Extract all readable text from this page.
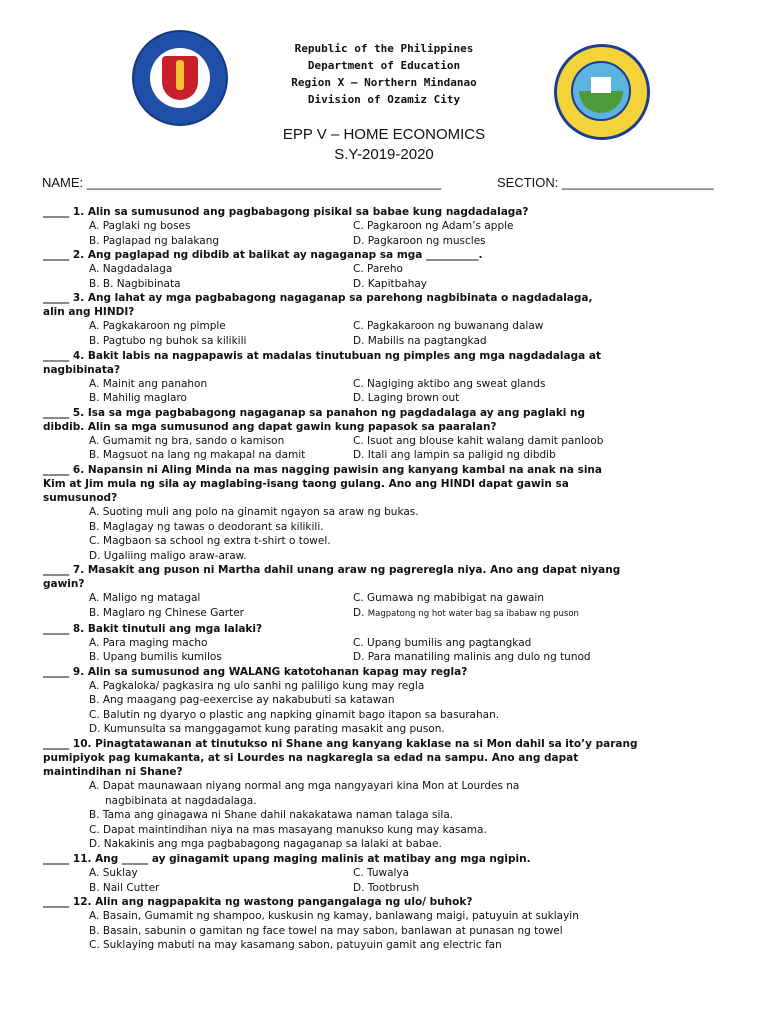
Republic of the Philippines
Department of Education
Region X – Northern Mindanao
Division of Ozamiz City
EPP V – HOME ECONOMICS
S.Y-2019-2020
NAME: _________________________________________________	SECTION: _____________________
_____ 1. Alin sa sumusunod ang pagbabagong pisikal sa babae kung nagdadalaga?
A. Paglaki ng boses	C. Pagkaroon ng Adam’s apple
B. Paglapad ng balakang	D. Pagkaroon ng muscles
_____ 2. Ang paglapad ng dibdib at balikat ay nagaganap sa mga __________.
A. Nagdadalaga	C. Pareho
B. B. Nagbibinata	D. Kapitbahay
_____ 3. Ang lahat ay mga pagbabagong nagaganap sa parehong nagbibinata o nagdadalaga,
alin ang HINDI?
A. Pagkakaroon ng pimple	C. Pagkakaroon ng buwanang dalaw
B. Pagtubo ng buhok sa kilikili	D. Mabilis na pagtangkad
_____ 4. Bakit labis na nagpapawis at madalas tinutubuan ng pimples ang mga nagdadalaga at
nagbibinata?
A. Mainit ang panahon	C. Nagiging aktibo ang sweat glands
B. Mahilig maglaro	D. Laging brown out
_____ 5. Isa sa mga pagbabagong nagaganap sa panahon ng pagdadalaga ay ang paglaki ng
dibdib. Alin sa mga sumusunod ang dapat gawin kung papasok sa paaralan?
A. Gumamit ng bra, sando o kamison	C. Isuot ang blouse kahit walang damit panloob
B. Magsuot na lang ng makapal na damit	D. Itali ang lampin sa paligid ng dibdib
_____ 6. Napansin ni Aling Minda na mas nagging pawisin ang kanyang kambal na anak na sina
Kim at Jim mula ng sila ay maglabing-isang taong gulang. Ano ang HINDI dapat gawin sa
sumusunod?
A. Suoting muli ang polo na ginamit ngayon sa araw ng bukas.
B. Maglagay ng tawas o deodorant sa kilikili.
C. Magbaon sa school ng extra t-shirt o towel.
D. Ugaliing maligo araw-araw.
_____ 7. Masakit ang puson ni Martha dahil unang araw ng pagreregla niya. Ano ang dapat niyang
gawin?
A. Maligo ng matagal	C. Gumawa ng mabibigat na gawain
B. Maglaro ng Chinese Garter	D. Magpatong ng hot water bag sa ibabaw ng puson
_____ 8. Bakit tinutuli ang mga lalaki?
A. Para maging macho	C. Upang bumilis ang pagtangkad
B. Upang bumilis kumilos	D. Para manatiling malinis ang dulo ng tunod
_____ 9. Alin sa sumusunod ang WALANG katotohanan kapag may regla?
A. Pagkaloka/ pagkasira ng ulo sanhi ng paliligo kung may regla
B. Ang maagang pag-eexercise ay nakabubuti sa katawan
C. Balutin ng dyaryo o plastic ang napking ginamit bago itapon sa basurahan.
D. Kumunsulta sa manggagamot kung parating masakit ang puson.
_____ 10. Pinagtatawanan at tinutukso ni Shane ang kanyang kaklase na si Mon dahil sa ito’y parang
pumipiyok pag kumakanta, at si Lourdes na nagkaregla sa edad na sampu. Ano ang dapat
maintindihan ni Shane?
A. Dapat maunawaan niyang normal ang mga nangyayari kina Mon at Lourdes na
nagbibinata at nagdadalaga.
B. Tama ang ginagawa ni Shane dahil nakakatawa naman talaga sila.
C. Dapat maintindihan niya na mas masayang manukso kung may kasama.
D. Nakakinis ang mga pagbabagong nagaganap sa lalaki at babae.
_____ 11. Ang _____ ay ginagamit upang maging malinis at matibay ang mga ngipin.
A. Suklay	C. Tuwalya
B. Nail Cutter	D. Tootbrush
_____ 12. Alin ang nagpapakita ng wastong pangangalaga ng ulo/ buhok?
A. Basain, Gumamit ng shampoo, kuskusin ng kamay, banlawang maigi, patuyuin at suklayin
B. Basain, sabunin o gamitan ng face towel na may sabon, banlawan at punasan ng towel
C. Suklaying mabuti na may kasamang sabon, patuyuin gamit ang electric fan
